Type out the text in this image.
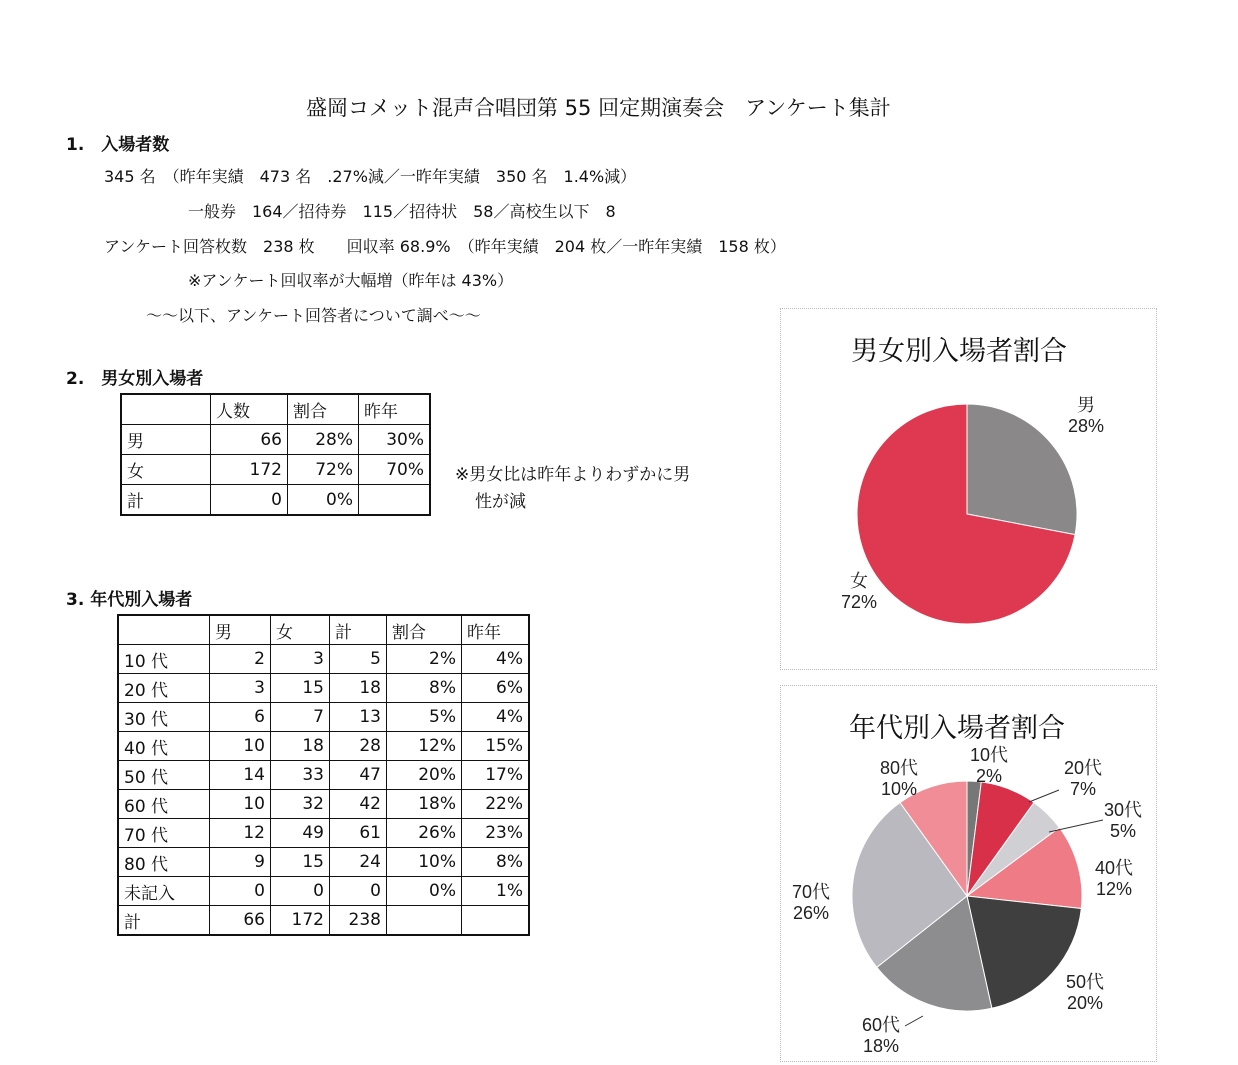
盛岡コメット混声合唱団第 55 回定期演奏会　アンケート集計
1.　入場者数
345 名　（昨年実績　473 名　.27%減／一昨年実績　350 名　1.4%減）
一般券　164／招待券　115／招待状　58／高校生以下　8
アンケート回答枚数　238 枚　　回収率 68.9%　（昨年実績　204 枚／一昨年実績　158 枚）
※アンケート回収率が大幅増（昨年は 43%）
～～以下、アンケート回答者について調べ～～
2.　男女別入場者
	人数	割合	昨年
男	66	28%	30%
女	172	72%	70%
計	0	0%	
※男女比は昨年よりわずかに男
性が減
3. 年代別入場者
	男	女	計	割合	昨年
10 代	2	3	5	2%	4%
20 代	3	15	18	8%	6%
30 代	6	7	13	5%	4%
40 代	10	18	28	12%	15%
50 代	14	33	47	20%	17%
60 代	10	32	42	18%	22%
70 代	12	49	61	26%	23%
80 代	9	15	24	10%	8%
未記入	0	0	0	0%	1%
計	66	172	238		
男女別入場者割合
男
28%
女
72%
年代別入場者割合
10代
2%	20代
7%
30代
5%
40代
12%
50代
20%
60代
18%
70代
26%
80代
10%
